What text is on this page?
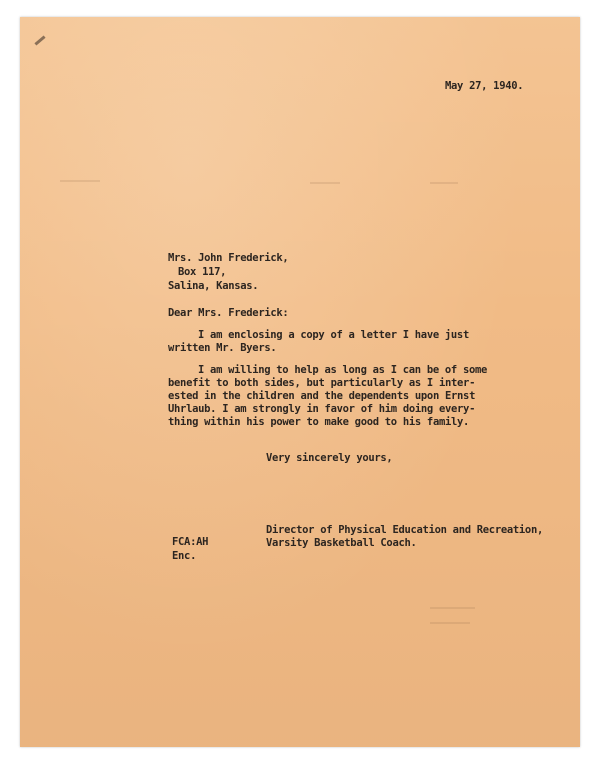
May 27, 1940.
Mrs. John Frederick,
Box 117,
Salina, Kansas.
Dear Mrs. Frederick:
I am enclosing a copy of a letter I have just
written Mr. Byers.
I am willing to help as long as I can be of some
benefit to both sides, but particularly as I inter-
ested in the children and the dependents upon Ernst
Uhrlaub. I am strongly in favor of him doing every-
thing within his power to make good to his family.
Very sincerely yours,
Director of Physical Education and Recreation,
Varsity Basketball Coach.
FCA:AH
Enc.
